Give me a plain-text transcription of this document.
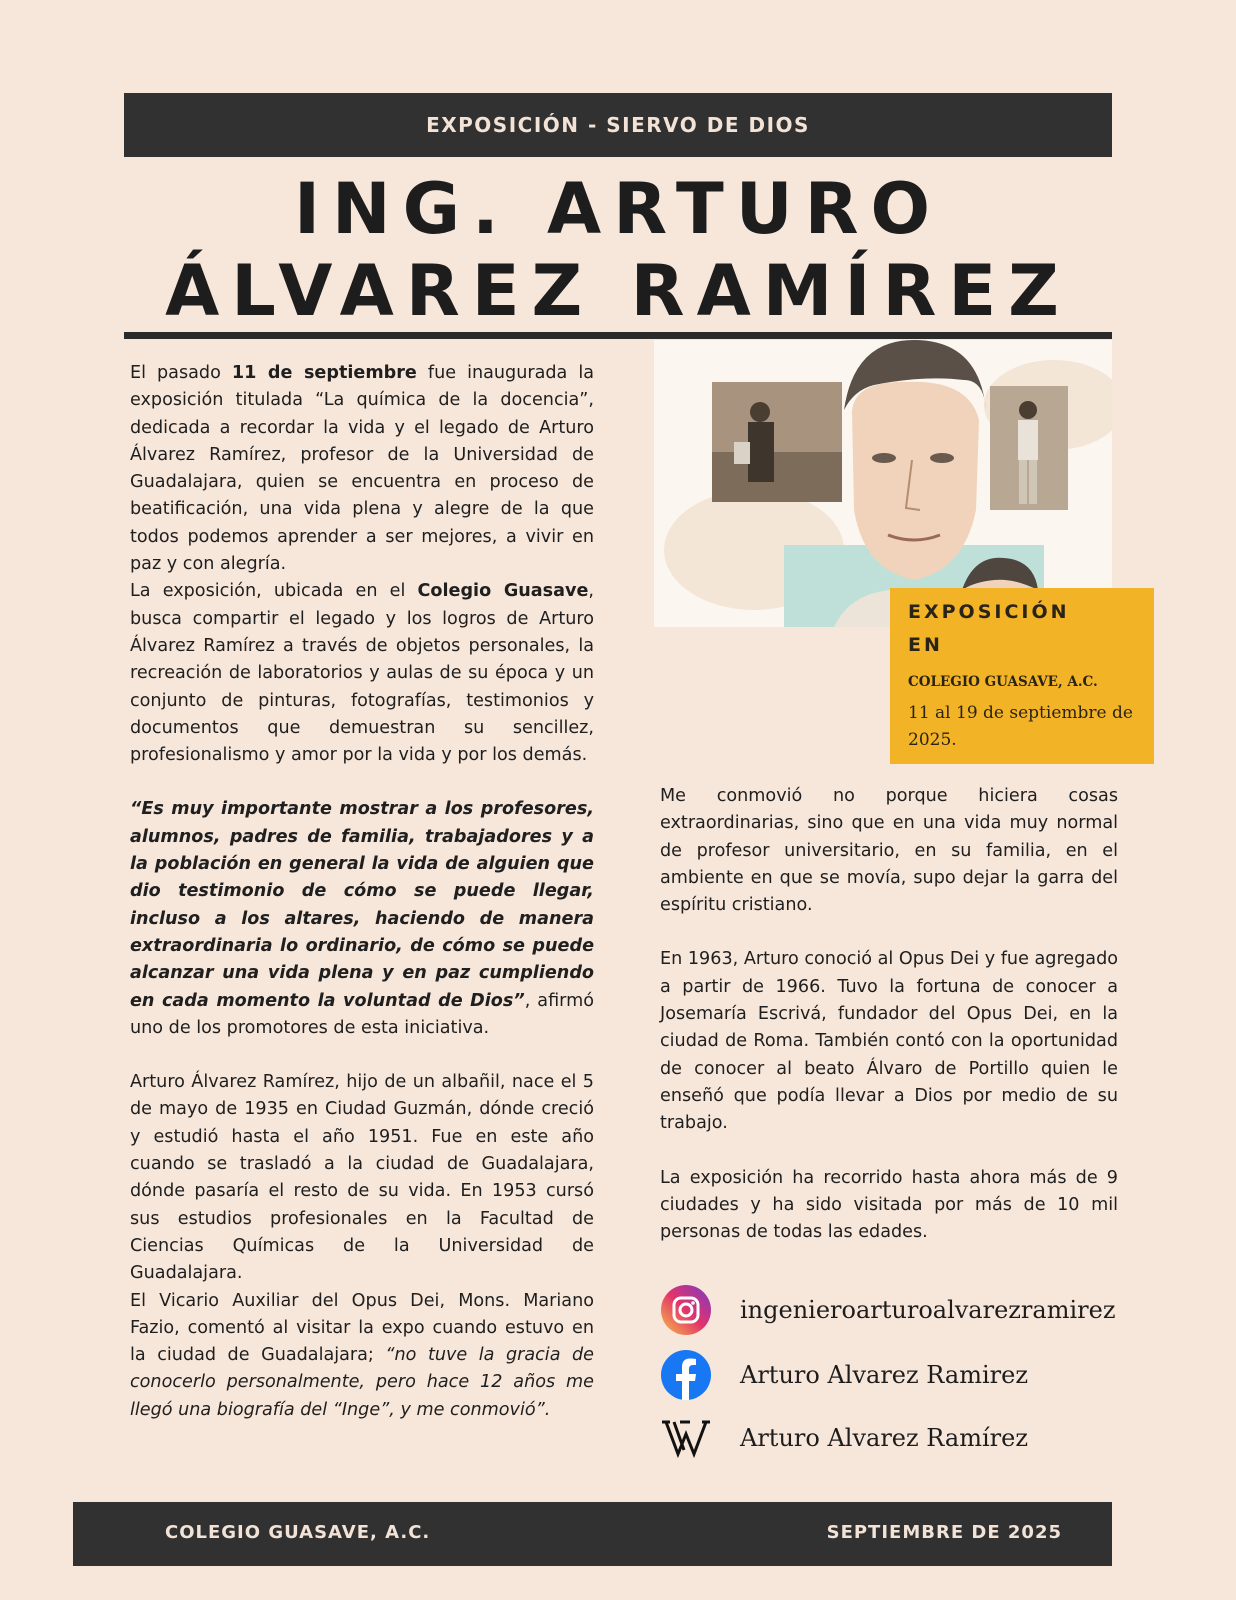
EXPOSICIÓN - SIERVO DE DIOS
ING. ARTURO
ÁLVAREZ RAMÍREZ

El pasado 11 de septiembre fue inaugurada la exposición titulada “La química de la docencia”, dedicada a recordar la vida y el legado de Arturo Álvarez Ramírez, profesor de la Universidad de Guadalajara, quien se encuentra en proceso de beatificación, una vida plena y alegre de la que todos podemos aprender a ser mejores, a vivir en paz y con alegría.

La exposición, ubicada en el Colegio Guasave, busca compartir el legado y los logros de Arturo Álvarez Ramírez a través de objetos personales, la recreación de laboratorios y aulas de su época y un conjunto de pinturas, fotografías, testimonios y documentos que demuestran su sencillez, profesionalismo y amor por la vida y por los demás.

“Es muy importante mostrar a los profesores, alumnos, padres de familia, trabajadores y a la población en general la vida de alguien que dio testimonio de cómo se puede llegar, incluso a los altares, haciendo de manera extraordinaria lo ordinario, de cómo se puede alcanzar una vida plena y en paz cumpliendo en cada momento la voluntad de Dios”, afirmó uno de los promotores de esta iniciativa.

Arturo Álvarez Ramírez, hijo de un albañil, nace el 5 de mayo de 1935 en Ciudad Guzmán, dónde creció y estudió hasta el año 1951. Fue en este año cuando se trasladó a la ciudad de Guadalajara, dónde pasaría el resto de su vida. En 1953 cursó sus estudios profesionales en la Facultad de Ciencias Químicas de la Universidad de Guadalajara.

El Vicario Auxiliar del Opus Dei, Mons. Mariano Fazio, comentó al visitar la expo cuando estuvo en la ciudad de Guadalajara; “no tuve la gracia de conocerlo personalmente, pero hace 12 años me llegó una biografía del “Inge”, y me conmovió”.

EXPOSICIÓN
EN
COLEGIO GUASAVE, A.C.
11 al 19 de septiembre de 2025.

Me conmovió no porque hiciera cosas extraordinarias, sino que en una vida muy normal de profesor universitario, en su familia, en el ambiente en que se movía, supo dejar la garra del espíritu cristiano.

En 1963, Arturo conoció al Opus Dei y fue agregado a partir de 1966. Tuvo la fortuna de conocer a Josemaría Escrivá, fundador del Opus Dei, en la ciudad de Roma. También contó con la oportunidad de conocer al beato Álvaro de Portillo quien le enseñó que podía llevar a Dios por medio de su trabajo.

La exposición ha recorrido hasta ahora más de 9 ciudades y ha sido visitada por más de 10 mil personas de todas las edades.

ingenieroarturoalvarezramirez
Arturo Alvarez Ramirez
Arturo Alvarez Ramírez
COLEGIO GUASAVE, A.C.	SEPTIEMBRE DE 2025
